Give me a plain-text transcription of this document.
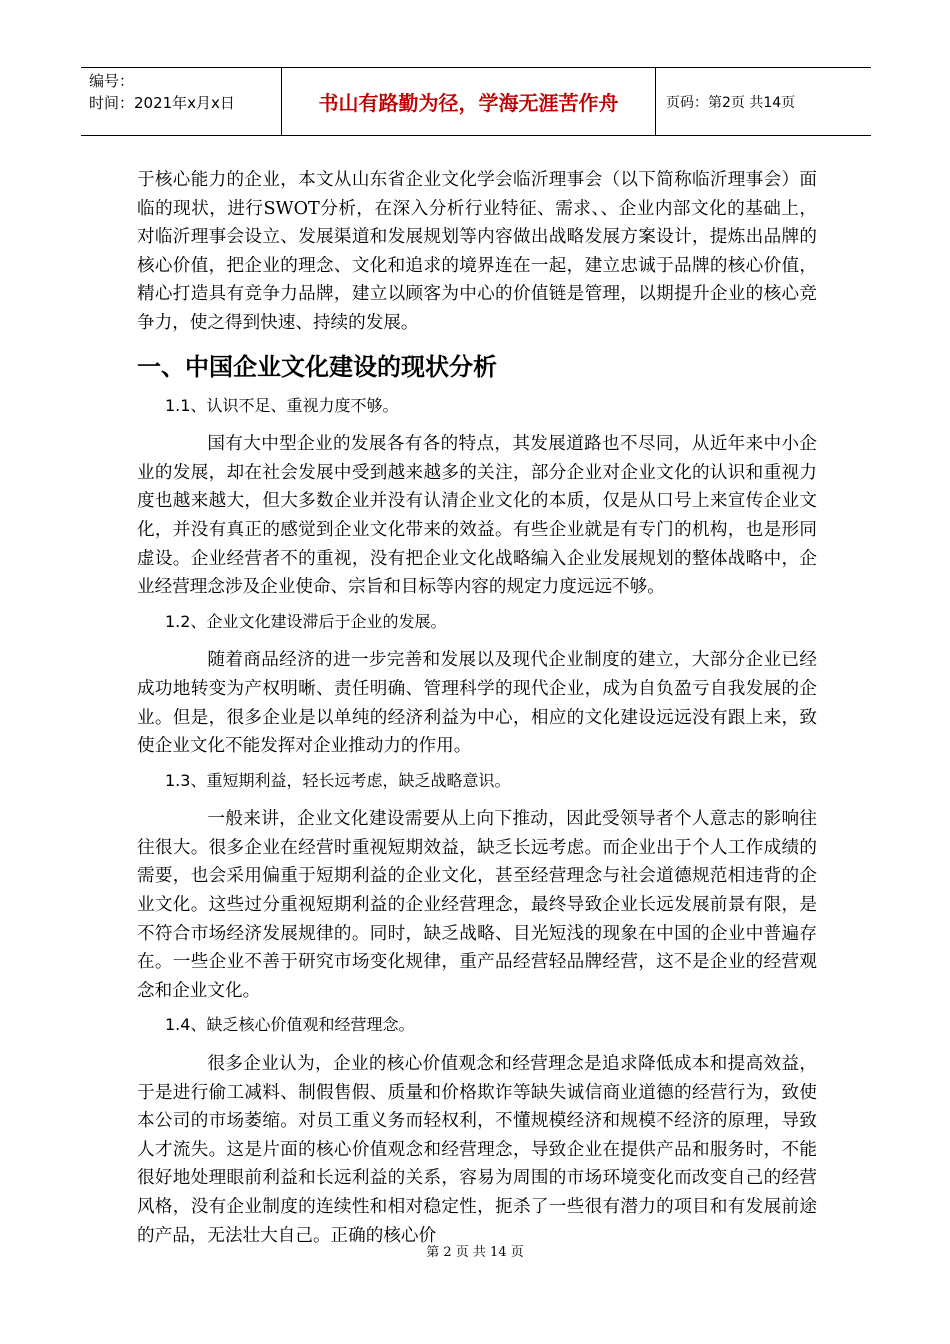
编号：
时间：2021年x月x日	书山有路勤为径，学海无涯苦作舟	页码：第2页 共14页

于核心能力的企业，本文从山东省企业文化学会临沂理事会（以下简称临沂理事会）面临的现状，进行SWOT分析，在深入分析行业特征、需求、、企业内部文化的基础上，对临沂理事会设立、发展渠道和发展规划等内容做出战略发展方案设计，提炼出品牌的核心价值，把企业的理念、文化和追求的境界连在一起，建立忠诚于品牌的核心价值，精心打造具有竞争力品牌，建立以顾客为中心的价值链是管理，以期提升企业的核心竞争力，使之得到快速、持续的发展。

一、中国企业文化建设的现状分析

1.1、认识不足、重视力度不够。

国有大中型企业的发展各有各的特点，其发展道路也不尽同，从近年来中小企业的发展，却在社会发展中受到越来越多的关注，部分企业对企业文化的认识和重视力度也越来越大，但大多数企业并没有认清企业文化的本质，仅是从口号上来宣传企业文化，并没有真正的感觉到企业文化带来的效益。有些企业就是有专门的机构，也是形同虚设。企业经营者不的重视，没有把企业文化战略编入企业发展规划的整体战略中，企业经营理念涉及企业使命、宗旨和目标等内容的规定力度远远不够。

1.2、企业文化建设滞后于企业的发展。

随着商品经济的进一步完善和发展以及现代企业制度的建立，大部分企业已经成功地转变为产权明晰、责任明确、管理科学的现代企业，成为自负盈亏自我发展的企业。但是，很多企业是以单纯的经济利益为中心，相应的文化建设远远没有跟上来，致使企业文化不能发挥对企业推动力的作用。

1.3、重短期利益，轻长远考虑，缺乏战略意识。

一般来讲，企业文化建设需要从上向下推动，因此受领导者个人意志的影响往往很大。很多企业在经营时重视短期效益，缺乏长远考虑。而企业出于个人工作成绩的需要，也会采用偏重于短期利益的企业文化，甚至经营理念与社会道德规范相违背的企业文化。这些过分重视短期利益的企业经营理念，最终导致企业长远发展前景有限，是不符合市场经济发展规律的。同时，缺乏战略、目光短浅的现象在中国的企业中普遍存在。一些企业不善于研究市场变化规律，重产品经营轻品牌经营，这不是企业的经营观念和企业文化。

1.4、缺乏核心价值观和经营理念。

很多企业认为，企业的核心价值观念和经营理念是追求降低成本和提高效益，于是进行偷工减料、制假售假、质量和价格欺诈等缺失诚信商业道德的经营行为，致使本公司的市场萎缩。对员工重义务而轻权利，不懂规模经济和规模不经济的原理，导致人才流失。这是片面的核心价值观念和经营理念，导致企业在提供产品和服务时，不能很好地处理眼前利益和长远利益的关系，容易为周围的市场环境变化而改变自己的经营风格，没有企业制度的连续性和相对稳定性，扼杀了一些很有潜力的项目和有发展前途的产品，无法壮大自己。正确的核心价

第 2 页 共 14 页
